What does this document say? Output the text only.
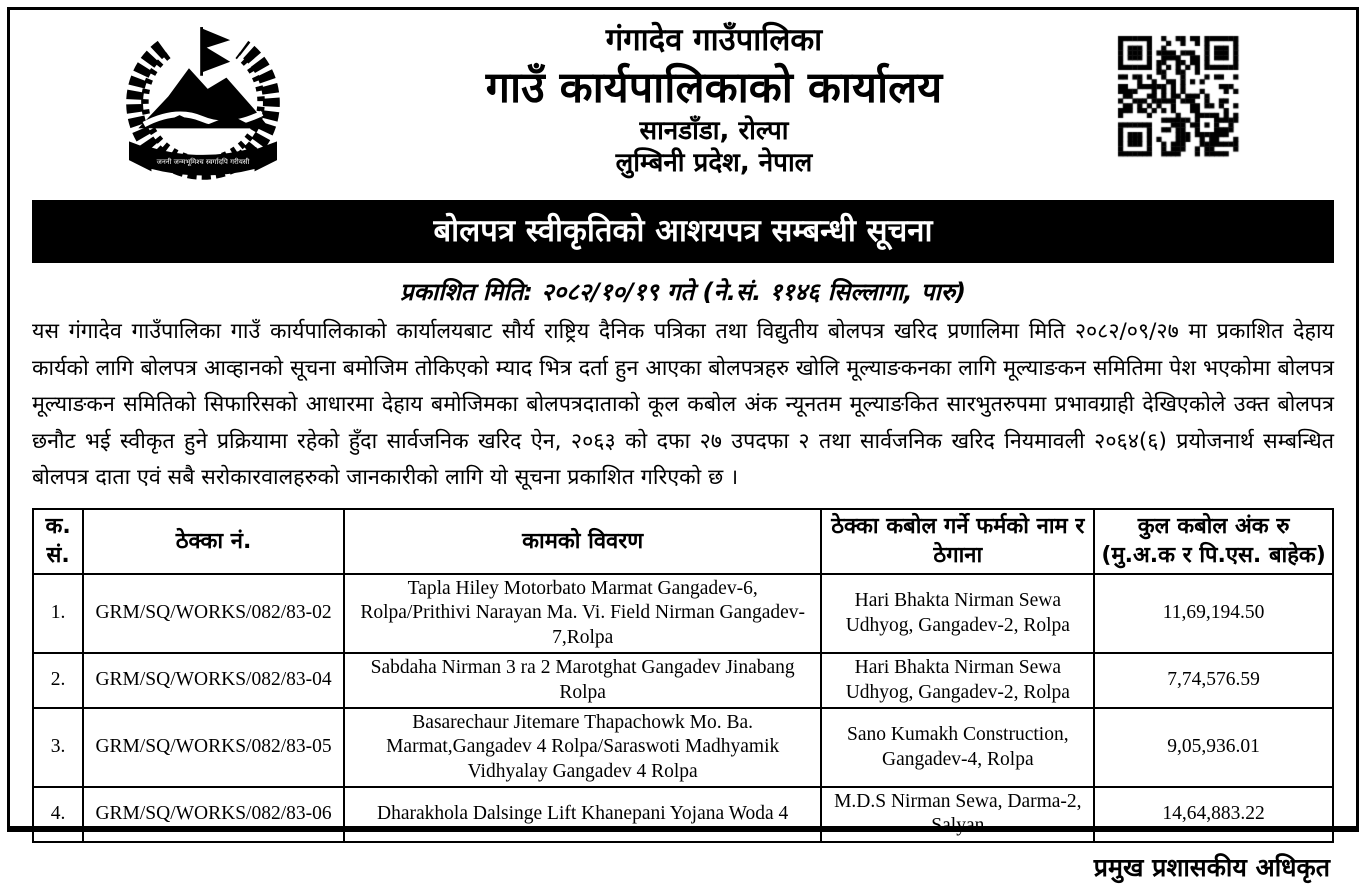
जननी जन्मभूमिश्च स्वर्गादपि गरीयसी
गंगादेव गाउँपालिका
गाउँ कार्यपालिकाको कार्यालय
सानडाँडा, रोल्पा
लुम्बिनी प्रदेश, नेपाल
बोलपत्र स्वीकृतिको आशयपत्र सम्बन्धी सूचना
प्रकाशित मिति: २०८२/१०/१९ गते (ने.सं. ११४६ सिल्लागा, पारु)
यस गंगादेव गाउँपालिका गाउँ कार्यपालिकाको कार्यालयबाट सौर्य राष्ट्रिय दैनिक पत्रिका तथा विद्युतीय बोलपत्र खरिद प्रणालिमा मिति २०८२/०९/२७ मा प्रकाशित देहाय कार्यको लागि बोलपत्र आव्हानको सूचना बमोजिम तोकिएको म्याद भित्र दर्ता हुन आएका बोलपत्रहरु खोलि मूल्याङकनका लागि मूल्याङकन समितिमा पेश भएकोमा बोलपत्र मूल्याङकन समितिको सिफारिसको आधारमा देहाय बमोजिमका बोलपत्रदाताको कूल कबोल अंक न्यूनतम मूल्याङकित सारभुतरुपमा प्रभावग्राही देखिएकोले उक्त बोलपत्र छनौट भई स्वीकृत हुने प्रक्रियामा रहेको हुँदा सार्वजनिक खरिद ऐन, २०६३ को दफा २७ उपदफा २ तथा सार्वजनिक खरिद नियमावली २०६४(६) प्रयोजनार्थ सम्बन्धित बोलपत्र दाता एवं सबै सरोकारवालहरुको जानकारीको लागि यो सूचना प्रकाशित गरिएको छ ।
क. सं.	ठेक्का नं.	कामको विवरण	ठेक्का कबोल गर्ने फर्मको नाम र ठेगाना	कुल कबोल अंक रु (मु.अ.क र पि.एस. बाहेक)
1.	GRM/SQ/WORKS/082/83-02	Tapla Hiley Motorbato Marmat Gangadev-6, Rolpa/Prithivi Narayan Ma. Vi. Field Nirman Gangadev-7,Rolpa	Hari Bhakta Nirman Sewa Udhyog, Gangadev-2, Rolpa	11,69,194.50
2.	GRM/SQ/WORKS/082/83-04	Sabdaha Nirman 3 ra 2 Marotghat Gangadev Jinabang Rolpa	Hari Bhakta Nirman Sewa Udhyog, Gangadev-2, Rolpa	7,74,576.59
3.	GRM/SQ/WORKS/082/83-05	Basarechaur Jitemare Thapachowk Mo. Ba. Marmat,Gangadev 4 Rolpa/Saraswoti Madhyamik Vidhyalay Gangadev 4 Rolpa	Sano Kumakh Construction, Gangadev-4, Rolpa	9,05,936.01
4.	GRM/SQ/WORKS/082/83-06	Dharakhola Dalsinge Lift Khanepani Yojana Woda 4	M.D.S Nirman Sewa, Darma-2, Salyan	14,64,883.22
प्रमुख प्रशासकीय अधिकृत
